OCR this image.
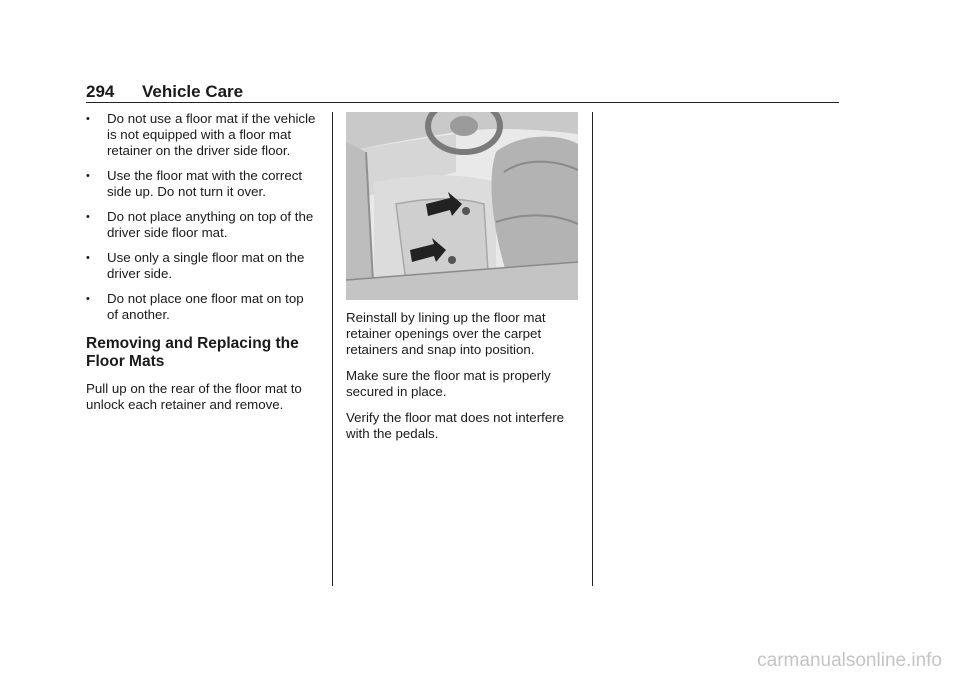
294 Vehicle Care
• Do not use a floor mat if the vehicle is not equipped with a floor mat retainer on the driver side floor.
• Use the floor mat with the correct side up. Do not turn it over.
• Do not place anything on top of the driver side floor mat.
• Use only a single floor mat on the driver side.
• Do not place one floor mat on top of another.
Removing and Replacing the Floor Mats

Pull up on the rear of the floor mat to unlock each retainer and remove.

Reinstall by lining up the floor mat retainer openings over the carpet retainers and snap into position.

Make sure the floor mat is properly secured in place.

Verify the floor mat does not interfere with the pedals.

carmanualsonline.info
